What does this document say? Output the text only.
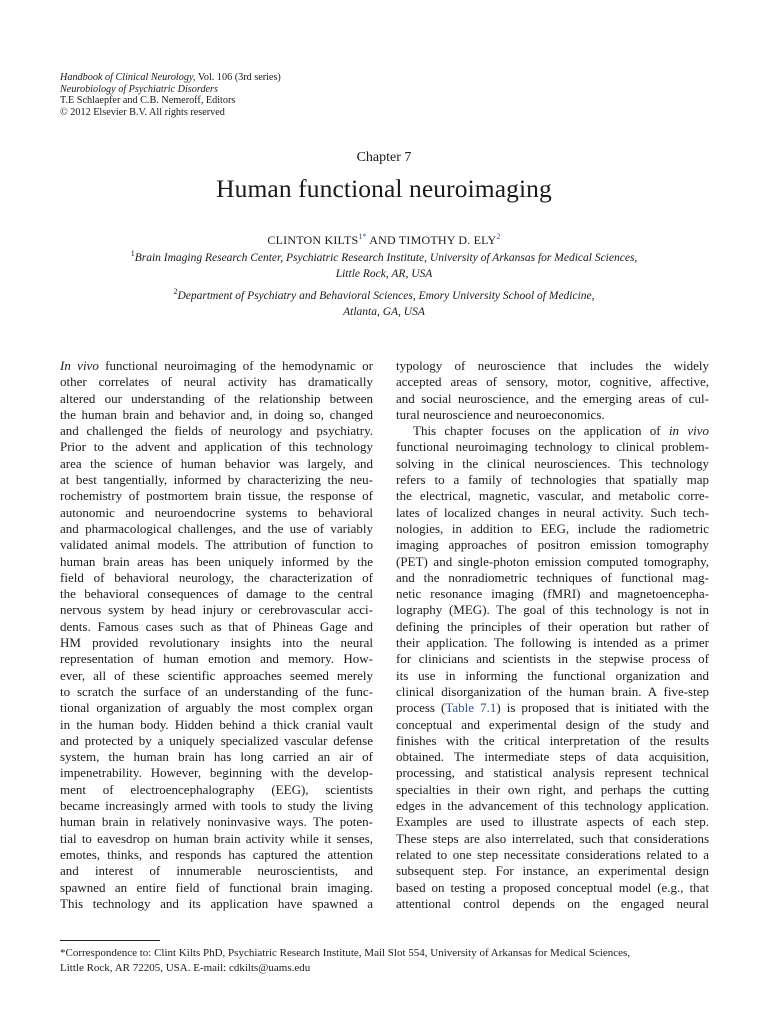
Handbook of Clinical Neurology, Vol. 106 (3rd series)
Neurobiology of Psychiatric Disorders
T.E Schlaepfer and C.B. Nemeroff, Editors
© 2012 Elsevier B.V. All rights reserved
Chapter 7
Human functional neuroimaging
CLINTON $KILTS^{1*}$ AND TIMOTHY D. ELY$^2$
$^1$Brain Imaging Research Center, Psychiatric Research Institute, University of Arkansas for Medical Sciences,
Little Rock, AR, USA
$^2$Department of Psychiatry and Behavioral Sciences, Emory University School of Medicine,
Atlanta, GA, USA
In vivo functional neuroimaging of the hemodynamic or
other correlates of neural activity has dramatically
altered our understanding of the relationship between
the human brain and behavior and, in doing so, changed
and challenged the fields of neurology and psychiatry.
Prior to the advent and application of this technology
area the science of human behavior was largely, and
at best tangentially, informed by characterizing the neu-
rochemistry of postmortem brain tissue, the response of
autonomic and neuroendocrine systems to behavioral
and pharmacological challenges, and the use of variably
validated animal models. The attribution of function to
human brain areas has been uniquely informed by the
field of behavioral neurology, the characterization of
the behavioral consequences of damage to the central
nervous system by head injury or cerebrovascular acci-
dents. Famous cases such as that of Phineas Gage and
HM provided revolutionary insights into the neural
representation of human emotion and memory. How-
ever, all of these scientific approaches seemed merely
to scratch the surface of an understanding of the func-
tional organization of arguably the most complex organ
in the human body. Hidden behind a thick cranial vault
and protected by a uniquely specialized vascular defense
system, the human brain has long carried an air of
impenetrability. However, beginning with the develop-
ment of electroencephalography (EEG), scientists
became increasingly armed with tools to study the living
human brain in relatively noninvasive ways. The poten-
tial to eavesdrop on human brain activity while it senses,
emotes, thinks, and responds has captured the attention
and interest of innumerable neuroscientists, and
spawned an entire field of functional brain imaging.
This technology and its application have spawned a
typology of neuroscience that includes the widely
accepted areas of sensory, motor, cognitive, affective,
and social neuroscience, and the emerging areas of cul-
tural neuroscience and neuroeconomics.
This chapter focuses on the application of in vivo
functional neuroimaging technology to clinical problem-
solving in the clinical neurosciences. This technology
refers to a family of technologies that spatially map
the electrical, magnetic, vascular, and metabolic corre-
lates of localized changes in neural activity. Such tech-
nologies, in addition to EEG, include the radiometric
imaging approaches of positron emission tomography
(PET) and single-photon emission computed tomography,
and the nonradiometric techniques of functional mag-
netic resonance imaging (fMRI) and magnetoencepha-
lography (MEG). The goal of this technology is not in
defining the principles of their operation but rather of
their application. The following is intended as a primer
for clinicians and scientists in the stepwise process of
its use in informing the functional organization and
clinical disorganization of the human brain. A five-step
process (Table 7.1) is proposed that is initiated with the
conceptual and experimental design of the study and
finishes with the critical interpretation of the results
obtained. The intermediate steps of data acquisition,
processing, and statistical analysis represent technical
specialties in their own right, and perhaps the cutting
edges in the advancement of this technology application.
Examples are used to illustrate aspects of each step.
These steps are also interrelated, such that considerations
related to one step necessitate considerations related to a
subsequent step. For instance, an experimental design
based on testing a proposed conceptual model (e.g., that
attentional control depends on the engaged neural
*Correspondence to: Clint Kilts PhD, Psychiatric Research Institute, Mail Slot 554, University of Arkansas for Medical Sciences,
Little Rock, AR 72205, USA. E-mail: cdkilts@uams.edu
